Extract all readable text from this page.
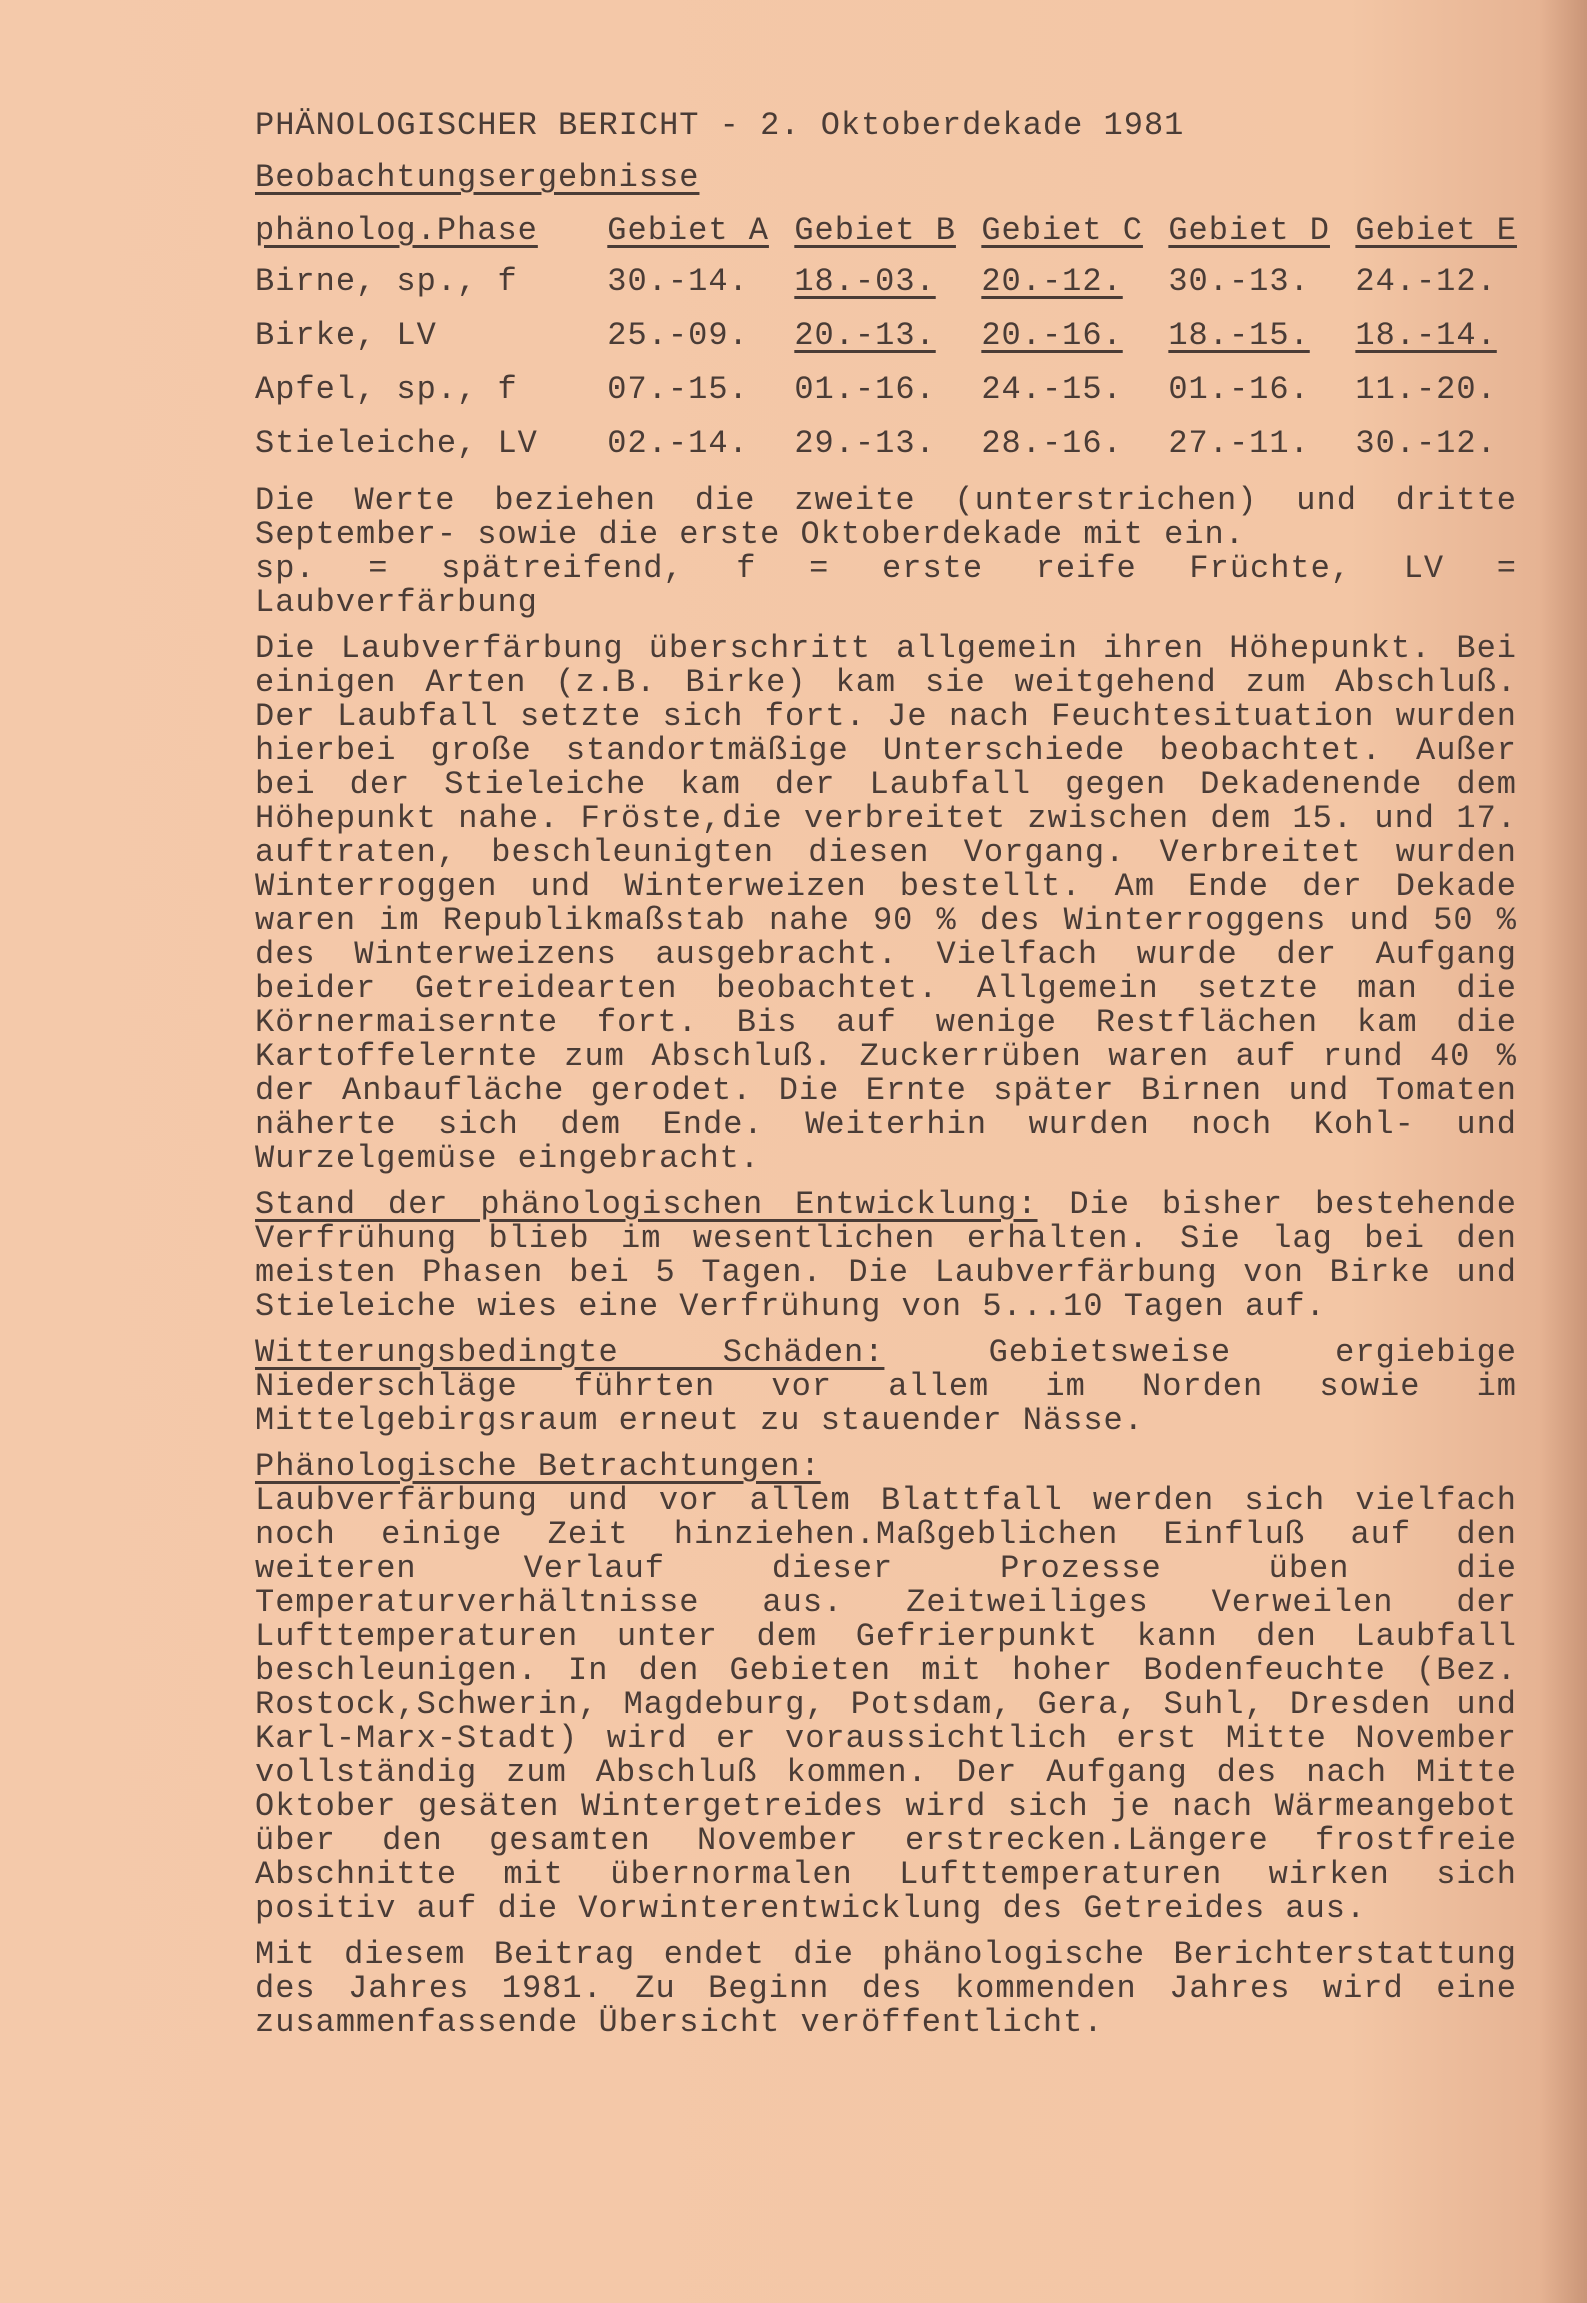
PHÄNOLOGISCHER BERICHT - 2. Oktoberdekade 1981
Beobachtungsergebnisse
phänolog.Phase	Gebiet A	Gebiet B	Gebiet C	Gebiet D	Gebiet E
Birne, sp., f	30.-14.	18.-03.	20.-12.	30.-13.	24.-12.
Birke, LV	25.-09.	20.-13.	20.-16.	18.-15.	18.-14.
Apfel, sp., f	07.-15.	01.-16.	24.-15.	01.-16.	11.-20.
Stieleiche, LV	02.-14.	29.-13.	28.-16.	27.-11.	30.-12.
Die Werte beziehen die zweite (unterstrichen) und dritte September- sowie die erste Oktoberdekade mit ein.
sp. = spätreifend, f = erste reife Früchte, LV = Laubverfärbung
Die Laubverfärbung überschritt allgemein ihren Höhepunkt. Bei einigen Arten (z.B. Birke) kam sie weitgehend zum Abschluß. Der Laubfall setzte sich fort. Je nach Feuchtesituation wurden hierbei große standortmäßige Unterschiede beobachtet. Außer bei der Stieleiche kam der Laubfall gegen Dekadenende dem Höhepunkt nahe. Fröste,die verbreitet zwischen dem 15. und 17. auftraten, beschleunigten diesen Vorgang. Verbreitet wurden Winterroggen und Winterweizen bestellt. Am Ende der Dekade waren im Republikmaßstab nahe 90 % des Winterroggens und 50 % des Winterweizens ausgebracht. Vielfach wurde der Aufgang beider Getreidearten beobachtet. Allgemein setzte man die Körnermaisernte fort. Bis auf wenige Restflächen kam die Kartoffelernte zum Abschluß. Zuckerrüben waren auf rund 40 % der Anbaufläche gerodet. Die Ernte später Birnen und Tomaten näherte sich dem Ende. Weiterhin wurden noch Kohl- und Wurzelgemüse eingebracht.
Stand der phänologischen Entwicklung: Die bisher bestehende Verfrühung blieb im wesentlichen erhalten. Sie lag bei den meisten Phasen bei 5 Tagen. Die Laubverfärbung von Birke und Stieleiche wies eine Verfrühung von 5...10 Tagen auf.
Witterungsbedingte Schäden: Gebietsweise ergiebige Niederschläge führten vor allem im Norden sowie im Mittelgebirgsraum erneut zu stauender Nässe.
Phänologische Betrachtungen:
Laubverfärbung und vor allem Blattfall werden sich vielfach noch einige Zeit hinziehen.Maßgeblichen Einfluß auf den weiteren Verlauf dieser Prozesse üben die Temperaturverhältnisse aus. Zeitweiliges Verweilen der Lufttemperaturen unter dem Gefrierpunkt kann den Laubfall beschleunigen. In den Gebieten mit hoher Bodenfeuchte (Bez. Rostock,Schwerin, Magdeburg, Potsdam, Gera, Suhl, Dresden und Karl-Marx-Stadt) wird er voraussichtlich erst Mitte November vollständig zum Abschluß kommen. Der Aufgang des nach Mitte Oktober gesäten Wintergetreides wird sich je nach Wärmeangebot über den gesamten November erstrecken.Längere frostfreie Abschnitte mit übernormalen Lufttemperaturen wirken sich positiv auf die Vorwinterentwicklung des Getreides aus.
Mit diesem Beitrag endet die phänologische Berichterstattung des Jahres 1981. Zu Beginn des kommenden Jahres wird eine zusammenfassende Übersicht veröffentlicht.
